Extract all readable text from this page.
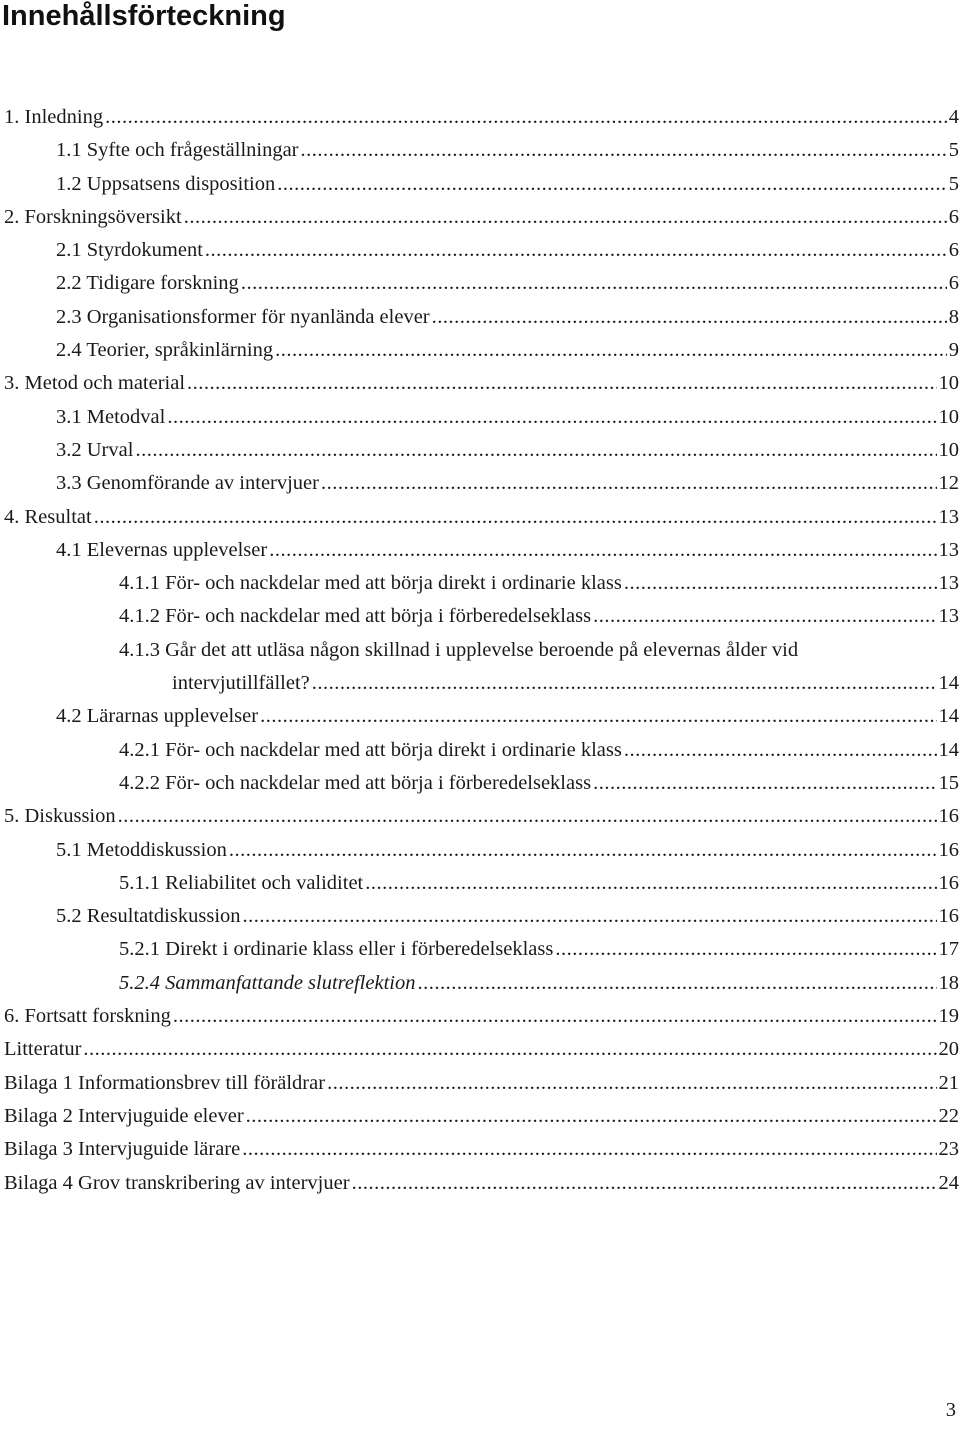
Innehållsförteckning
1. Inledning .....	4
1.1 Syfte och frågeställningar .....	5
1.2 Uppsatsens disposition .....	5
2. Forskningsöversikt .....	6
2.1 Styrdokument .....	6
2.2 Tidigare forskning .....	6
2.3 Organisationsformer för nyanlända elever .....	8
2.4 Teorier, språkinlärning .....	9
3. Metod och material .....	10
3.1 Metodval .....	10
3.2 Urval .....	10
3.3 Genomförande av intervjuer .....	12
4. Resultat .....	13
4.1 Elevernas upplevelser .....	13
4.1.1 För- och nackdelar med att börja direkt i ordinarie klass .....	13
4.1.2 För- och nackdelar med att börja i förberedelseklass .....	13
4.1.3 Går det att utläsa någon skillnad i upplevelse beroende på elevernas ålder vid
intervjutillfället? .....	14
4.2 Lärarnas upplevelser .....	14
4.2.1 För- och nackdelar med att börja direkt i ordinarie klass .....	14
4.2.2 För- och nackdelar med att börja i förberedelseklass .....	15
5. Diskussion .....	16
5.1 Metoddiskussion .....	16
5.1.1 Reliabilitet och validitet .....	16
5.2 Resultatdiskussion .....	16
5.2.1 Direkt i ordinarie klass eller i förberedelseklass .....	17
5.2.4 Sammanfattande slutreflektion .....	18
6. Fortsatt forskning .....	19
Litteratur .....	20
Bilaga 1 Informationsbrev till föräldrar .....	21
Bilaga 2 Intervjuguide elever .....	22
Bilaga 3 Intervjuguide lärare .....	23
Bilaga 4 Grov transkribering av intervjuer .....	24
3
